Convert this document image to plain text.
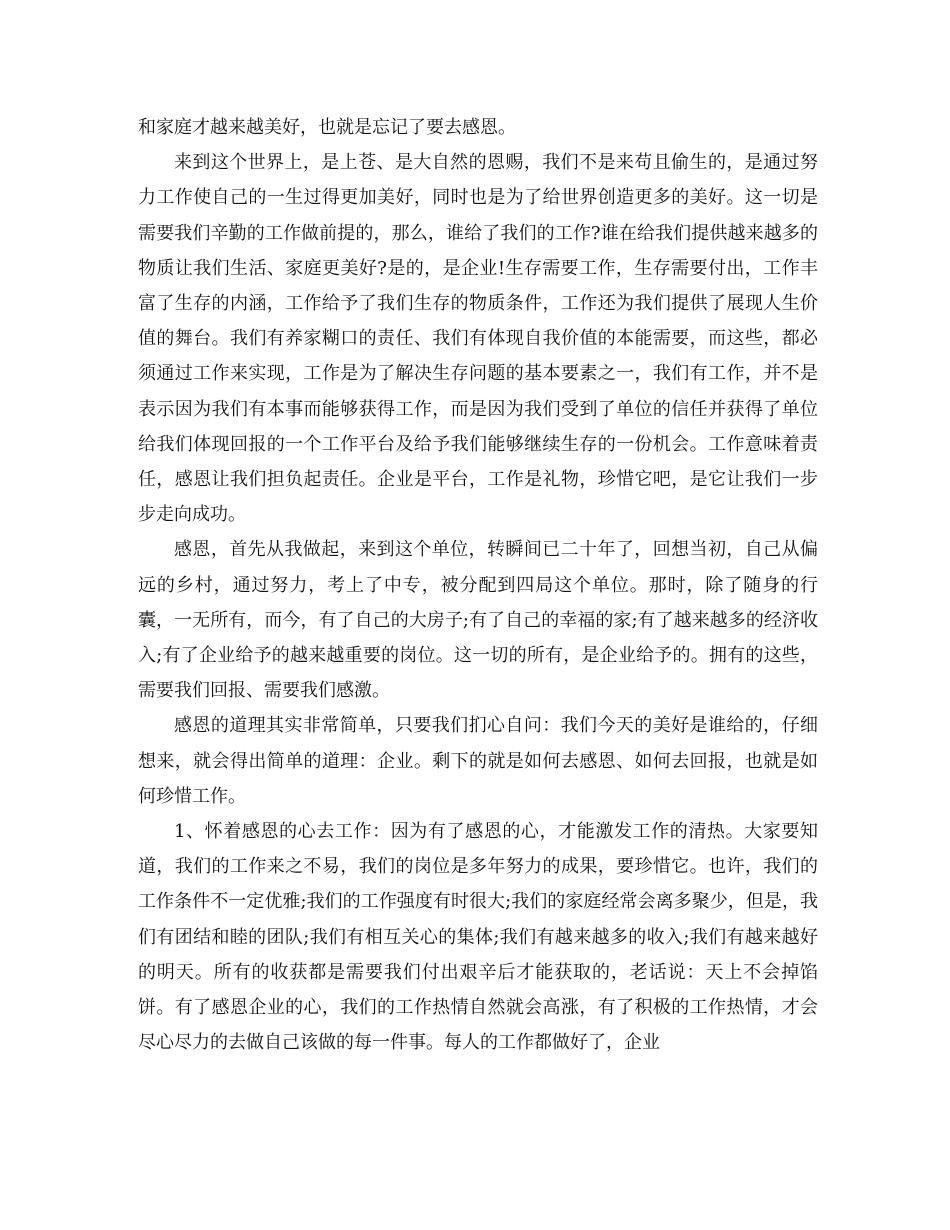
和家庭才越来越美好，也就是忘记了要去感恩。

来到这个世界上，是上苍、是大自然的恩赐，我们不是来苟且偷生的，是通过努力工作使自己的一生过得更加美好，同时也是为了给世界创造更多的美好。这一切是需要我们辛勤的工作做前提的，那么，谁给了我们的工作?谁在给我们提供越来越多的物质让我们生活、家庭更美好?是的，是企业!生存需要工作，生存需要付出，工作丰富了生存的内涵，工作给予了我们生存的物质条件，工作还为我们提供了展现人生价值的舞台。我们有养家糊口的责任、我们有体现自我价值的本能需要，而这些，都必须通过工作来实现，工作是为了解决生存问题的基本要素之一，我们有工作，并不是表示因为我们有本事而能够获得工作，而是因为我们受到了单位的信任并获得了单位给我们体现回报的一个工作平台及给予我们能够继续生存的一份机会。工作意味着责任，感恩让我们担负起责任。企业是平台，工作是礼物，珍惜它吧，是它让我们一步步走向成功。

感恩，首先从我做起，来到这个单位，转瞬间已二十年了，回想当初，自己从偏远的乡村，通过努力，考上了中专，被分配到四局这个单位。那时，除了随身的行囊，一无所有，而今，有了自己的大房子;有了自己的幸福的家;有了越来越多的经济收入;有了企业给予的越来越重要的岗位。这一切的所有，是企业给予的。拥有的这些，需要我们回报、需要我们感激。

感恩的道理其实非常简单，只要我们扪心自问：我们今天的美好是谁给的，仔细想来，就会得出简单的道理：企业。剩下的就是如何去感恩、如何去回报，也就是如何珍惜工作。

1、怀着感恩的心去工作：因为有了感恩的心，才能激发工作的清热。大家要知道，我们的工作来之不易，我们的岗位是多年努力的成果，要珍惜它。也许，我们的工作条件不一定优雅;我们的工作强度有时很大;我们的家庭经常会离多聚少，但是，我们有团结和睦的团队;我们有相互关心的集体;我们有越来越多的收入;我们有越来越好的明天。所有的收获都是需要我们付出艰辛后才能获取的，老话说：天上不会掉馅饼。有了感恩企业的心，我们的工作热情自然就会高涨，有了积极的工作热情，才会尽心尽力的去做自己该做的每一件事。每人的工作都做好了，企业
